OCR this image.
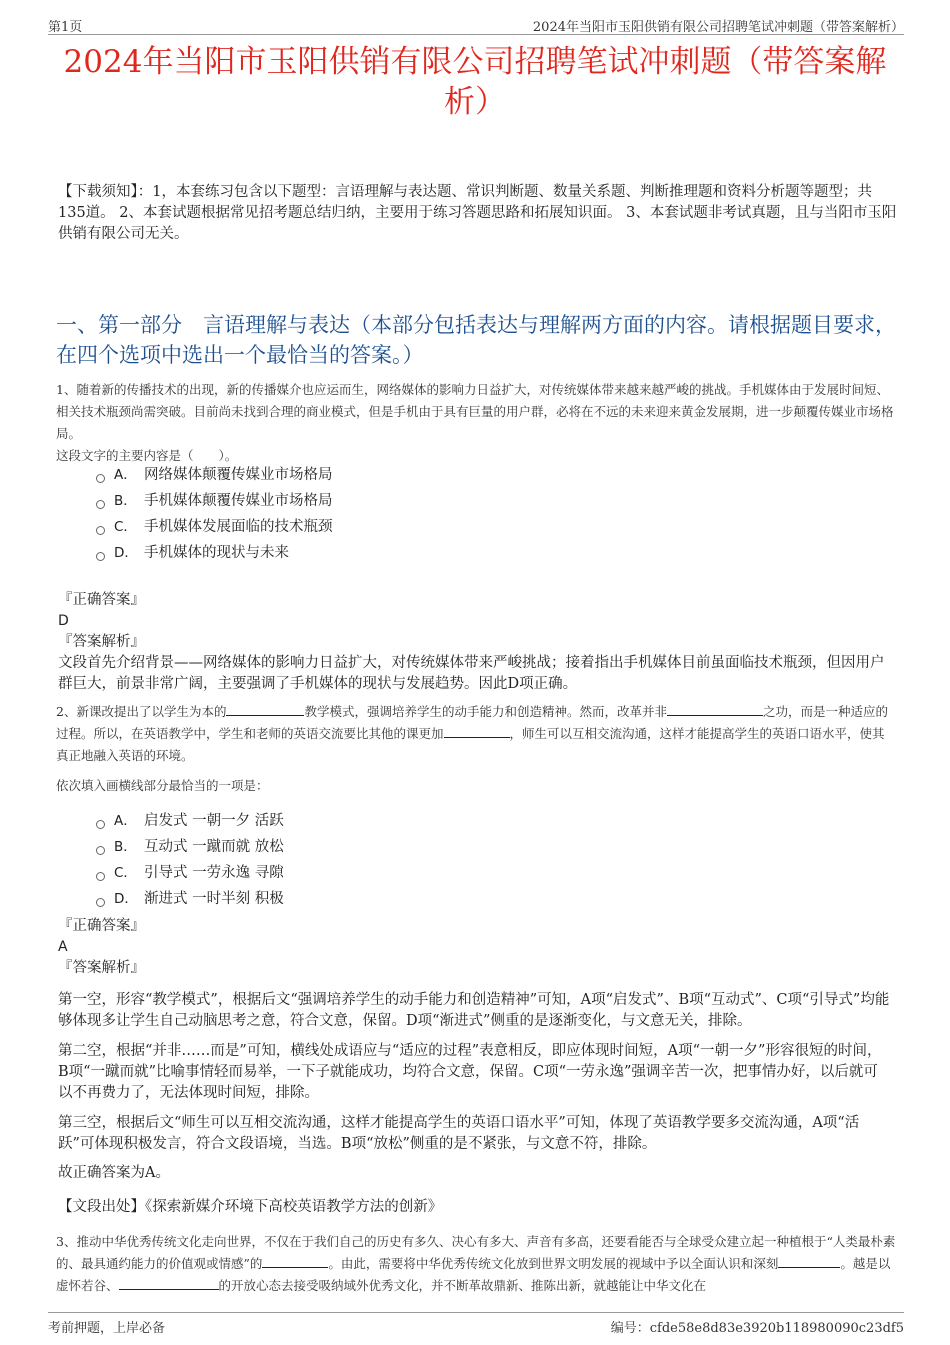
第1页	2024年当阳市玉阳供销有限公司招聘笔试冲刺题（带答案解析）
2024年当阳市玉阳供销有限公司招聘笔试冲刺题（带答案解
析）
【下载须知】：1，本套练习包含以下题型：言语理解与表达题、常识判断题、数量关系题、判断推理题和资料分析题等题型；共135道。 2、本套试题根据常见招考题总结归纳，主要用于练习答题思路和拓展知识面。 3、本套试题非考试真题，且与当阳市玉阳供销有限公司无关。
一、第一部分　言语理解与表达（本部分包括表达与理解两方面的内容。请根据题目要求，在四个选项中选出一个最恰当的答案。）
1、随着新的传播技术的出现，新的传播媒介也应运而生，网络媒体的影响力日益扩大，对传统媒体带来越来越严峻的挑战。手机媒体由于发展时间短、相关技术瓶颈尚需突破。目前尚未找到合理的商业模式，但是手机由于具有巨量的用户群，必将在不远的未来迎来黄金发展期，进一步颠覆传媒业市场格局。
这段文字的主要内容是（　　）。
A． 网络媒体颠覆传媒业市场格局
B． 手机媒体颠覆传媒业市场格局
C． 手机媒体发展面临的技术瓶颈
D． 手机媒体的现状与未来
『正确答案』
D
『答案解析』
文段首先介绍背景——网络媒体的影响力日益扩大，对传统媒体带来严峻挑战；接着指出手机媒体目前虽面临技术瓶颈，但因用户群巨大，前景非常广阔，主要强调了手机媒体的现状与发展趋势。因此D项正确。
2、新课改提出了以学生为本的	教学模式，强调培养学生的动手能力和创造精神。然而，改革并非	之功，而是一种适应的过程。所以，在英语教学中，学生和老师的英语交流要比其他的课更加	，师生可以互相交流沟通，这样才能提高学生的英语口语水平，使其真正地融入英语的环境。
依次填入画横线部分最恰当的一项是：
A． 启发式 一朝一夕 活跃
B． 互动式 一蹴而就 放松
C． 引导式 一劳永逸 寻隙
D． 渐进式 一时半刻 积极
『正确答案』
A
『答案解析』
第一空，形容“教学模式”，根据后文“强调培养学生的动手能力和创造精神”可知，A项“启发式”、B项“互动式”、C项“引导式”均能够体现多让学生自己动脑思考之意，符合文意，保留。D项“渐进式”侧重的是逐渐变化，与文意无关，排除。
第二空，根据“并非……而是”可知，横线处成语应与“适应的过程”表意相反，即应体现时间短，A项“一朝一夕”形容很短的时间，B项“一蹴而就”比喻事情轻而易举，一下子就能成功，均符合文意，保留。C项“一劳永逸”强调辛苦一次，把事情办好，以后就可以不再费力了，无法体现时间短，排除。
第三空，根据后文“师生可以互相交流沟通，这样才能提高学生的英语口语水平”可知，体现了英语教学要多交流沟通，A项“活跃”可体现积极发言，符合文段语境，当选。B项“放松”侧重的是不紧张，与文意不符，排除。
故正确答案为A。
【文段出处】《探索新媒介环境下高校英语教学方法的创新》
3、推动中华优秀传统文化走向世界，不仅在于我们自己的历史有多久、决心有多大、声音有多高，还要看能否与全球受众建立起一种植根于“人类最朴素的、最具通约能力的价值观或情感”的	。由此，需要将中华优秀传统文化放到世界文明发展的视域中予以全面认识和深刻	。越是以虚怀若谷、	的开放心态去接受吸纳域外优秀文化，并不断革故鼎新、推陈出新，就越能让中华文化在
考前押题，上岸必备	编号：cfde58e8d83e3920b118980090c23df5
